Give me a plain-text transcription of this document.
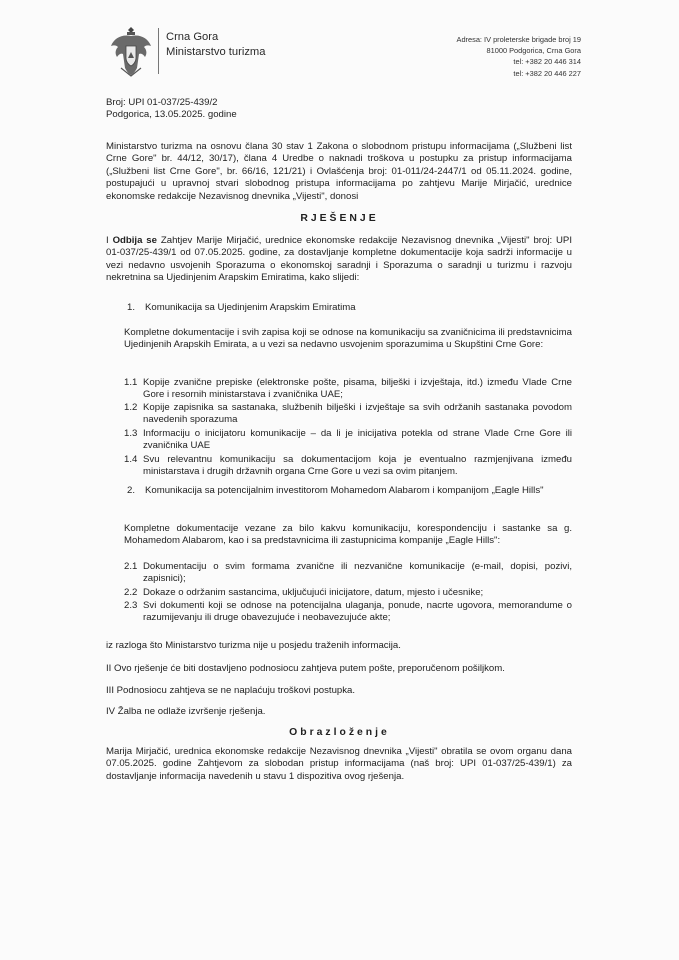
Crna Gora
Ministarstvo turizma
Adresa: IV proleterske brigade broj 19
81000 Podgorica, Crna Gora
tel: +382 20 446 314
tel: +382 20 446 227
Broj: UPI 01-037/25-439/2
Podgorica, 13.05.2025. godine
Ministarstvo turizma na osnovu člana 30 stav 1 Zakona o slobodnom pristupu informacijama („Službeni list Crne Gore" br. 44/12, 30/17), člana 4 Uredbe o naknadi troškova u postupku za pristup informacijama („Službeni list Crne Gore", br. 66/16, 121/21) i Ovlašćenja broj: 01-011/24-2447/1 od 05.11.2024. godine, postupajući u upravnoj stvari slobodnog pristupa informacijama po zahtjevu Marije Mirjačić, urednice ekonomske redakcije Nezavisnog dnevnika „Vijesti", donosi
RJEŠENJE
I Odbija se Zahtjev Marije Mirjačić, urednice ekonomske redakcije Nezavisnog dnevnika „Vijesti" broj: UPI 01-037/25-439/1 od 07.05.2025. godine, za dostavljanje kompletne dokumentacije koja sadrži informacije u vezi nedavno usvojenih Sporazuma o ekonomskoj saradnji i Sporazuma o saradnji u turizmu i razvoju nekretnina sa Ujedinjenim Arapskim Emiratima, kako slijedi:
1. Komunikacija sa Ujedinjenim Arapskim Emiratima
Kompletne dokumentacije i svih zapisa koji se odnose na komunikaciju sa zvaničnicima ili predstavnicima Ujedinjenih Arapskih Emirata, a u vezi sa nedavno usvojenim sporazumima u Skupštini Crne Gore:
1.1 Kopije zvanične prepiske (elektronske pošte, pisama, bilješki i izvještaja, itd.) između Vlade Crne Gore i resornih ministarstava i zvaničnika UAE;
1.2 Kopije zapisnika sa sastanaka, službenih bilješki i izvještaje sa svih održanih sastanaka povodom navedenih sporazuma
1.3 Informaciju o inicijatoru komunikacije – da li je inicijativa potekla od strane Vlade Crne Gore ili zvaničnika UAE
1.4 Svu relevantnu komunikaciju sa dokumentacijom koja je eventualno razmjenjivana između ministarstava i drugih državnih organa Crne Gore u vezi sa ovim pitanjem.
2. Komunikacija sa potencijalnim investitorom Mohamedom Alabarom i kompanijom „Eagle Hills"
Kompletne dokumentacije vezane za bilo kakvu komunikaciju, korespondenciju i sastanke sa g. Mohamedom Alabarom, kao i sa predstavnicima ili zastupnicima kompanije „Eagle Hills":
2.1 Dokumentaciju o svim formama zvanične ili nezvanične komunikacije (e-mail, dopisi, pozivi, zapisnici);
2.2 Dokaze o održanim sastancima, uključujući inicijatore, datum, mjesto i učesnike;
2.3 Svi dokumenti koji se odnose na potencijalna ulaganja, ponude, nacrte ugovora, memorandume o razumijevanju ili druge obavezujuće i neobavezujuće akte;
iz razloga što Ministarstvo turizma nije u posjedu traženih informacija.
II Ovo rješenje će biti dostavljeno podnosiocu zahtjeva putem pošte, preporučenom pošiljkom.
III Podnosiocu zahtjeva se ne naplaćuju troškovi postupka.
IV Žalba ne odlaže izvršenje rješenja.
Obrazloženje
Marija Mirjačić, urednica ekonomske redakcije Nezavisnog dnevnika „Vijesti" obratila se ovom organu dana 07.05.2025. godine Zahtjevom za slobodan pristup informacijama (naš broj: UPI 01-037/25-439/1) za dostavljanje informacija navedenih u stavu 1 dispozitiva ovog rješenja.
